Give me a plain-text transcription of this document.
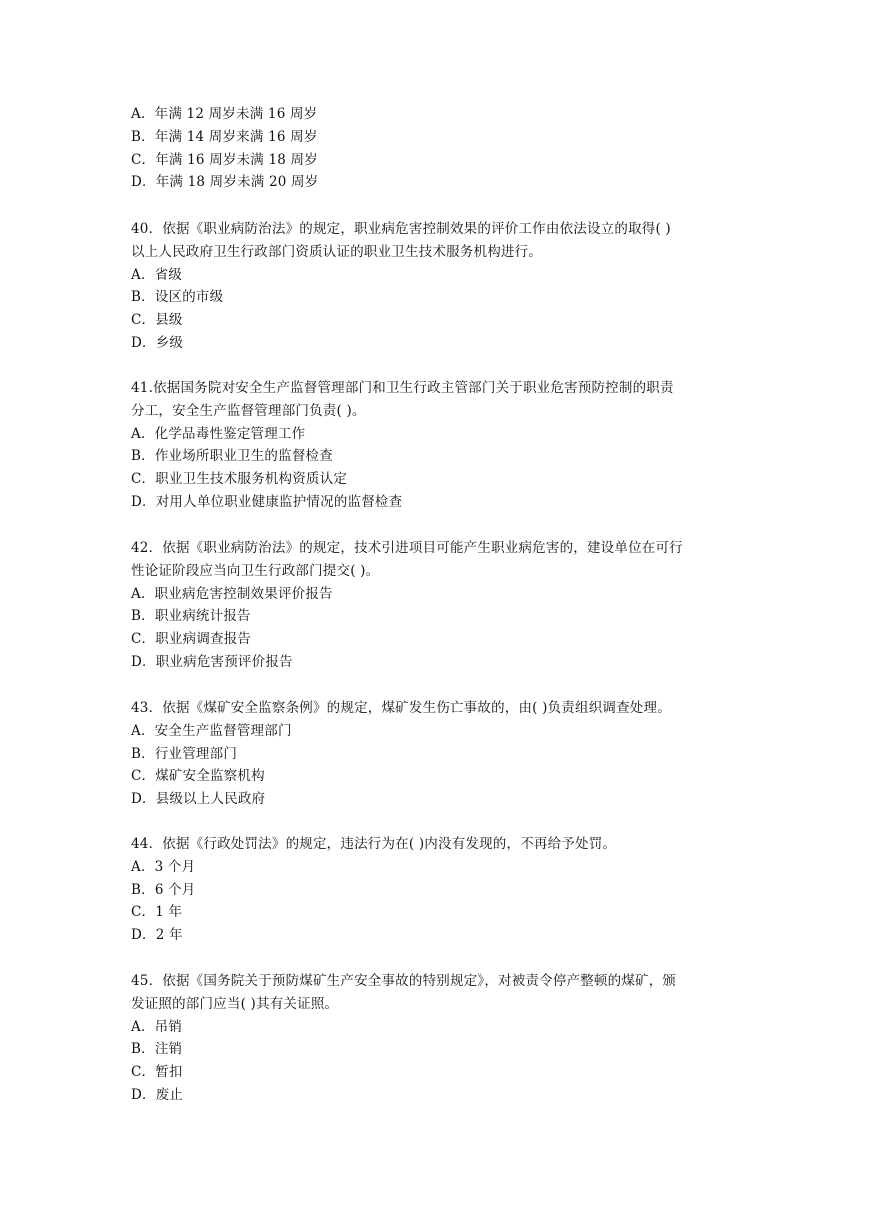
A．年满 12 周岁未满 16 周岁
B．年满 14 周岁来满 16 周岁
C．年满 16 周岁未满 18 周岁
D．年满 18 周岁未满 20 周岁
40．依据《职业病防治法》的规定，职业病危害控制效果的评价工作由依法设立的取得( )
以上人民政府卫生行政部门资质认证的职业卫生技术服务机构进行。
A．省级
B．设区的市级
C．县级
D．乡级
41.依据国务院对安全生产监督管理部门和卫生行政主管部门关于职业危害预防控制的职责
分工，安全生产监督管理部门负责( )。
A．化学品毒性鉴定管理工作
B．作业场所职业卫生的监督检查
C．职业卫生技术服务机构资质认定
D．对用人单位职业健康监护情况的监督检查
42．依据《职业病防治法》的规定，技术引进项目可能产生职业病危害的，建设单位在可行
性论证阶段应当向卫生行政部门提交( )。
A．职业病危害控制效果评价报告
B．职业病统计报告
C．职业病调查报告
D．职业病危害预评价报告
43．依据《煤矿安全监察条例》的规定，煤矿发生伤亡事故的，由( )负责组织调查处理。
A．安全生产监督管理部门
B．行业管理部门
C．煤矿安全监察机构
D．县级以上人民政府
44．依据《行政处罚法》的规定，违法行为在( )内没有发现的，不再给予处罚。
A．3 个月
B．6 个月
C．1 年
D．2 年
45．依据《国务院关于预防煤矿生产安全事故的特别规定》，对被责令停产整顿的煤矿，颁
发证照的部门应当( )其有关证照。
A．吊销
B．注销
C．暂扣
D．废止
